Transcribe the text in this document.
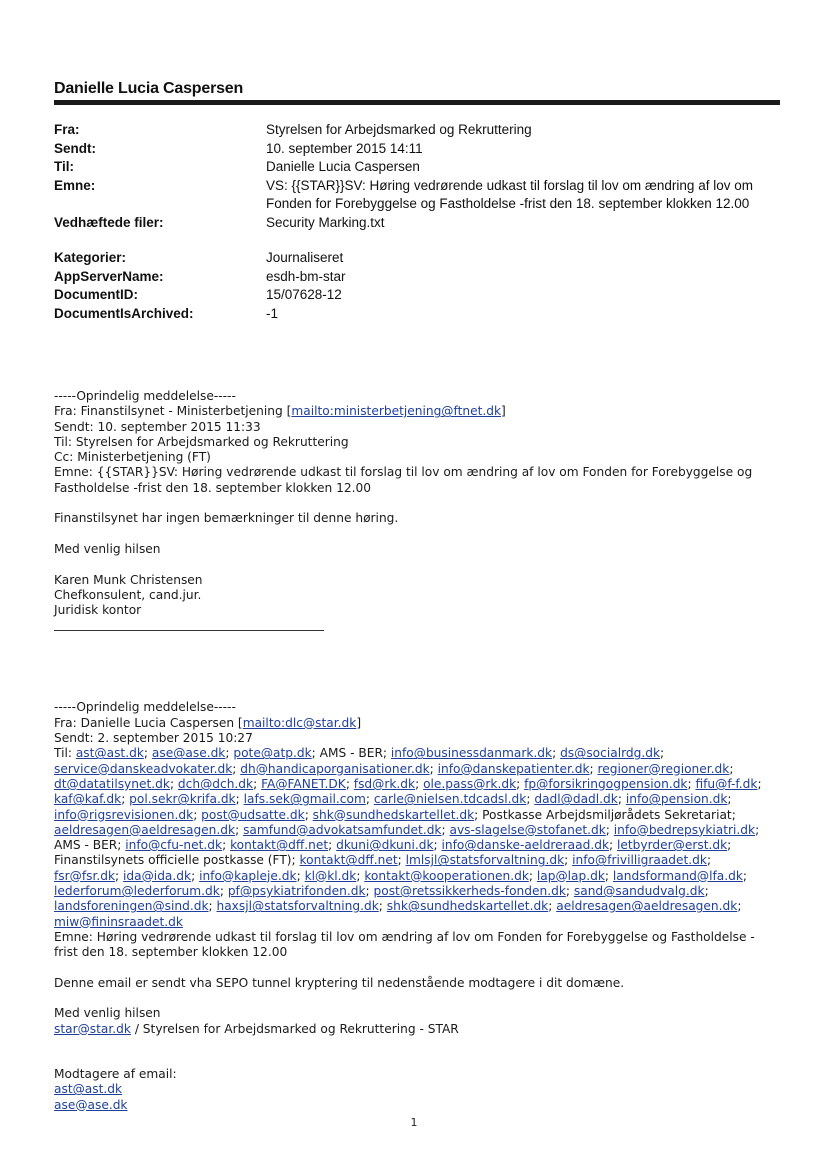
Danielle Lucia Caspersen
Fra:	Styrelsen for Arbejdsmarked og Rekruttering
Sendt:	10. september 2015 14:11
Til:	Danielle Lucia Caspersen
Emne:	VS: {{STAR}}SV: Høring vedrørende udkast til forslag til lov om ændring af lov om Fonden for Forebyggelse og Fastholdelse -frist den 18. september klokken 12.00
Vedhæftede filer:	Security Marking.txt
Kategorier:	Journaliseret
AppServerName:	esdh-bm-star
DocumentID:	15/07628-12
DocumentIsArchived:	-1

-----Oprindelig meddelelse-----

Fra: Finanstilsynet - Ministerbetjening [mailto:ministerbetjening@ftnet.dk]

Sendt: 10. september 2015 11:33

Til: Styrelsen for Arbejdsmarked og Rekruttering

Cc: Ministerbetjening (FT)

Emne: {{STAR}}SV: Høring vedrørende udkast til forslag til lov om ændring af lov om Fonden for Forebyggelse og Fastholdelse -frist den 18. september klokken 12.00

Finanstilsynet har ingen bemærkninger til denne høring.

Med venlig hilsen

Karen Munk Christensen

Chefkonsulent, cand.jur.

Juridisk kontor

-----Oprindelig meddelelse-----

Fra: Danielle Lucia Caspersen [mailto:dlc@star.dk]

Sendt: 2. september 2015 10:27

Til: ast@ast.dk; ase@ase.dk; pote@atp.dk; AMS - BER; info@businessdanmark.dk; ds@socialrdg.dk; service@danskeadvokater.dk; dh@handicaporganisationer.dk; info@danskepatienter.dk; regioner@regioner.dk; dt@datatilsynet.dk; dch@dch.dk; FA@FANET.DK; fsd@rk.dk; ole.pass@rk.dk; fp@forsikringogpension.dk; fifu@f-f.dk; kaf@kaf.dk; pol.sekr@krifa.dk; lafs.sek@gmail.com; carle@nielsen.tdcadsl.dk; dadl@dadl.dk; info@pension.dk; info@rigsrevisionen.dk; post@udsatte.dk; shk@sundhedskartellet.dk; Postkasse Arbejdsmiljørådets Sekretariat; aeldresagen@aeldresagen.dk; samfund@advokatsamfundet.dk; avs-slagelse@stofanet.dk; info@bedrepsykiatri.dk; AMS - BER; info@cfu-net.dk; kontakt@dff.net; dkuni@dkuni.dk; info@danske-aeldreraad.dk; letbyrder@erst.dk; Finanstilsynets officielle postkasse (FT); kontakt@dff.net; lmlsjl@statsforvaltning.dk; info@frivilligraadet.dk; fsr@fsr.dk; ida@ida.dk; info@kapleje.dk; kl@kl.dk; kontakt@kooperationen.dk; lap@lap.dk; landsformand@lfa.dk; lederforum@lederforum.dk; pf@psykiatrifonden.dk; post@retssikkerheds-fonden.dk; sand@sandudvalg.dk; landsforeningen@sind.dk; haxsjl@statsforvaltning.dk; shk@sundhedskartellet.dk; aeldresagen@aeldresagen.dk; miw@fininsraadet.dk

Emne: Høring vedrørende udkast til forslag til lov om ændring af lov om Fonden for Forebyggelse og Fastholdelse -frist den 18. september klokken 12.00

Denne email er sendt vha SEPO tunnel kryptering til nedenstående modtagere i dit domæne.

Med venlig hilsen

star@star.dk / Styrelsen for Arbejdsmarked og Rekruttering - STAR

Modtagere af email:

ast@ast.dk

ase@ase.dk

1
